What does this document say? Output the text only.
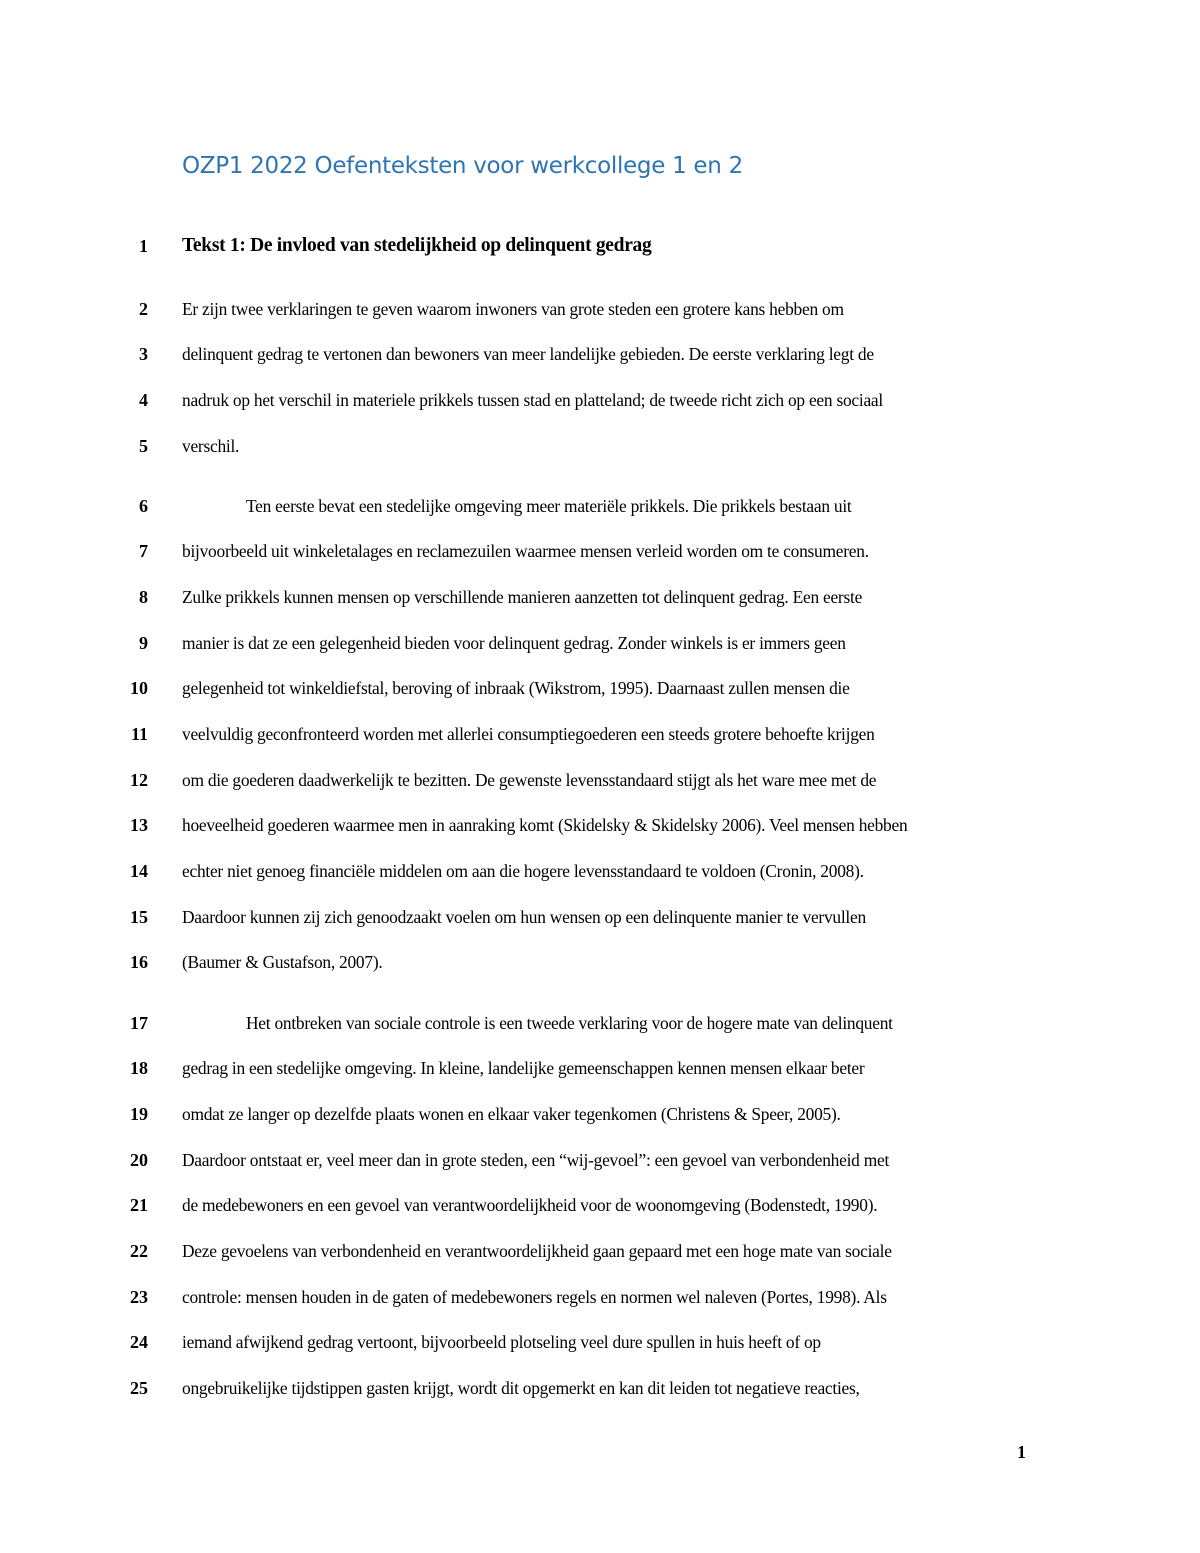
OZP1 2022 Oefenteksten voor werkcollege 1 en 2
1 Tekst 1: De invloed van stedelijkheid op delinquent gedrag
2 Er zijn twee verklaringen te geven waarom inwoners van grote steden een grotere kans hebben om
3 delinquent gedrag te vertonen dan bewoners van meer landelijke gebieden. De eerste verklaring legt de
4 nadruk op het verschil in materiele prikkels tussen stad en platteland; de tweede richt zich op een sociaal
5 verschil.
6	Ten eerste bevat een stedelijke omgeving meer materiële prikkels. Die prikkels bestaan uit
7 bijvoorbeeld uit winkeletalages en reclamezuilen waarmee mensen verleid worden om te consumeren.
8 Zulke prikkels kunnen mensen op verschillende manieren aanzetten tot delinquent gedrag. Een eerste
9 manier is dat ze een gelegenheid bieden voor delinquent gedrag. Zonder winkels is er immers geen
10 gelegenheid tot winkeldiefstal, beroving of inbraak (Wikstrom, 1995). Daarnaast zullen mensen die
11 veelvuldig geconfronteerd worden met allerlei consumptiegoederen een steeds grotere behoefte krijgen
12 om die goederen daadwerkelijk te bezitten. De gewenste levensstandaard stijgt als het ware mee met de
13 hoeveelheid goederen waarmee men in aanraking komt (Skidelsky & Skidelsky 2006). Veel mensen hebben
14 echter niet genoeg financiële middelen om aan die hogere levensstandaard te voldoen (Cronin, 2008).
15 Daardoor kunnen zij zich genoodzaakt voelen om hun wensen op een delinquente manier te vervullen
16 (Baumer & Gustafson, 2007).
17	Het ontbreken van sociale controle is een tweede verklaring voor de hogere mate van delinquent
18 gedrag in een stedelijke omgeving. In kleine, landelijke gemeenschappen kennen mensen elkaar beter
19 omdat ze langer op dezelfde plaats wonen en elkaar vaker tegenkomen (Christens & Speer, 2005).
20 Daardoor ontstaat er, veel meer dan in grote steden, een “wij-gevoel”: een gevoel van verbondenheid met
21 de medebewoners en een gevoel van verantwoordelijkheid voor de woonomgeving (Bodenstedt, 1990).
22 Deze gevoelens van verbondenheid en verantwoordelijkheid gaan gepaard met een hoge mate van sociale
23 controle: mensen houden in de gaten of medebewoners regels en normen wel naleven (Portes, 1998). Als
24 iemand afwijkend gedrag vertoont, bijvoorbeeld plotseling veel dure spullen in huis heeft of op
25 ongebruikelijke tijdstippen gasten krijgt, wordt dit opgemerkt en kan dit leiden tot negatieve reacties,
1
